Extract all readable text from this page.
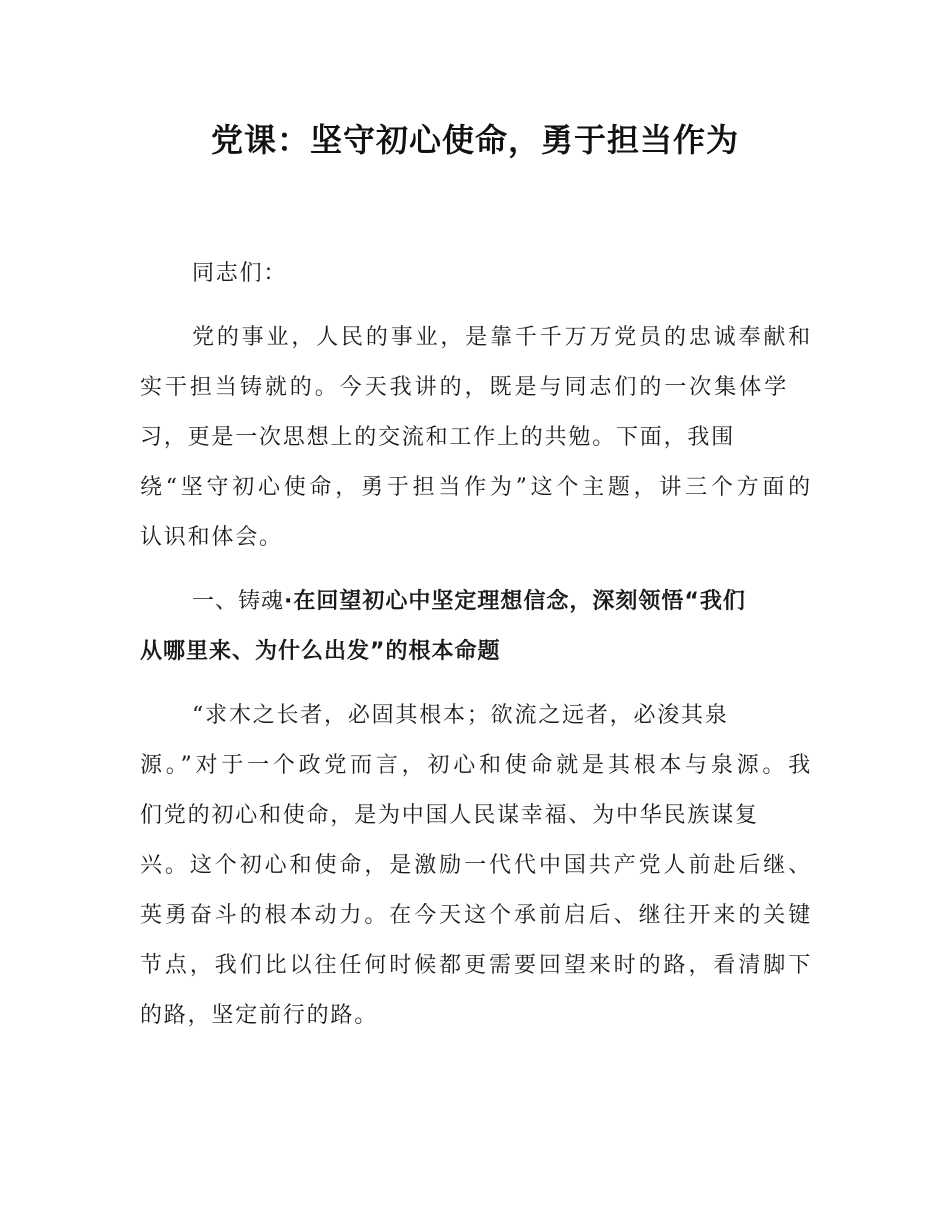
党课：坚守初心使命，勇于担当作为
同志们：
党的事业，人民的事业，是靠千千万万党员的忠诚奉献和
实干担当铸就的。今天我讲的，既是与同志们的一次集体学
习，更是一次思想上的交流和工作上的共勉。下面，我围
绕“坚守初心使命，勇于担当作为”这个主题，讲三个方面的
认识和体会。
一、铸魂·在回望初心中坚定理想信念，深刻领悟“我们
从哪里来、为什么出发”的根本命题
“求木之长者，必固其根本；欲流之远者，必浚其泉
源。”对于一个政党而言，初心和使命就是其根本与泉源。我
们党的初心和使命，是为中国人民谋幸福、为中华民族谋复
兴。这个初心和使命，是激励一代代中国共产党人前赴后继、
英勇奋斗的根本动力。在今天这个承前启后、继往开来的关键
节点，我们比以往任何时候都更需要回望来时的路，看清脚下
的路，坚定前行的路。
